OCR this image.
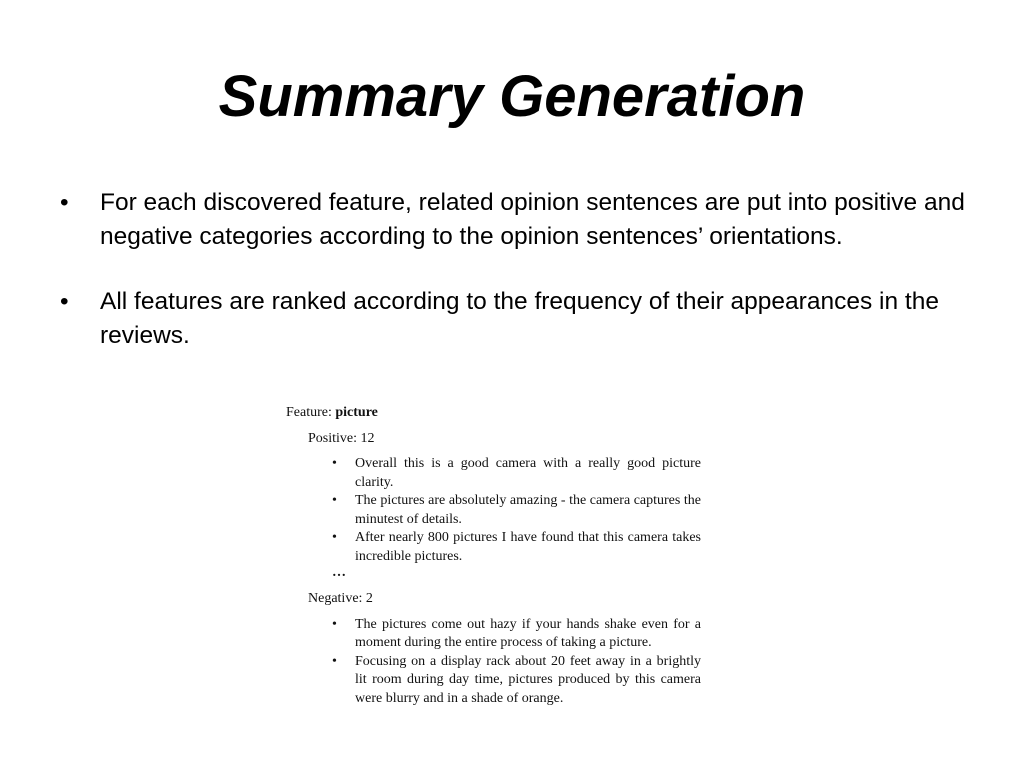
Summary Generation
• For each discovered feature, related opinion sentences are put into positive and negative categories according to the opinion sentences’ orientations.
• All features are ranked according to the frequency of their appearances in the reviews.

Feature: picture

Positive: 12

• Overall this is a good camera with a really good picture clarity.
• The pictures are absolutely amazing - the camera captures the minutest of details.
• After nearly 800 pictures I have found that this camera takes incredible pictures.
…

Negative: 2

• The pictures come out hazy if your hands shake even for a moment during the entire process of taking a picture.
• Focusing on a display rack about 20 feet away in a brightly lit room during day time, pictures produced by this camera were blurry and in a shade of orange.
